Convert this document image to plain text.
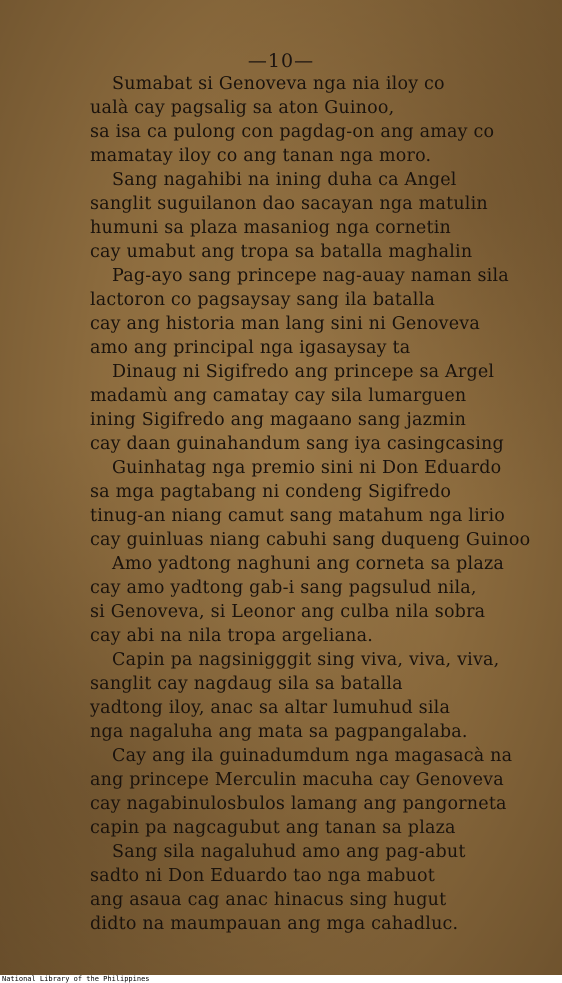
—10—
Sumabat si Genoveva nga nia iloy co
ualà cay pagsalig sa aton Guinoo,
sa isa ca pulong con pagdag-on ang amay co
mamatay iloy co ang tanan nga moro.
Sang nagahibi na ining duha ca Angel
sanglit suguilanon dao sacayan nga matulin
humuni sa plaza masaniog nga cornetin
cay umabut ang tropa sa batalla maghalin
Pag-ayo sang princepe nag-auay naman sila
lactoron co pagsaysay sang ila batalla
cay ang historia man lang sini ni Genoveva
amo ang principal nga igasaysay ta
Dinaug ni Sigifredo ang princepe sa Argel
madamù ang camatay cay sila lumarguen
ining Sigifredo ang magaano sang jazmin
cay daan guinahandum sang iya casingcasing
Guinhatag nga premio sini ni Don Eduardo
sa mga pagtabang ni condeng Sigifredo
tinug-an niang camut sang matahum nga lirio
cay guinluas niang cabuhi sang duqueng Guinoo
Amo yadtong naghuni ang corneta sa plaza
cay amo yadtong gab-i sang pagsulud nila,
si Genoveva, si Leonor ang culba nila sobra
cay abi na nila tropa argeliana.
Capin pa nagsinigggit sing viva, viva, viva,
sanglit cay nagdaug sila sa batalla
yadtong iloy, anac sa altar lumuhud sila
nga nagaluha ang mata sa pagpangalaba.
Cay ang ila guinadumdum nga magasacà na
ang princepe Merculin macuha cay Genoveva
cay nagabinulosbulos lamang ang pangorneta
capin pa nagcagubut ang tanan sa plaza
Sang sila nagaluhud amo ang pag-abut
sadto ni Don Eduardo tao nga mabuot
ang asaua cag anac hinacus sing hugut
didto na maumpauan ang mga cahadluc.
National Library of the Philippines
